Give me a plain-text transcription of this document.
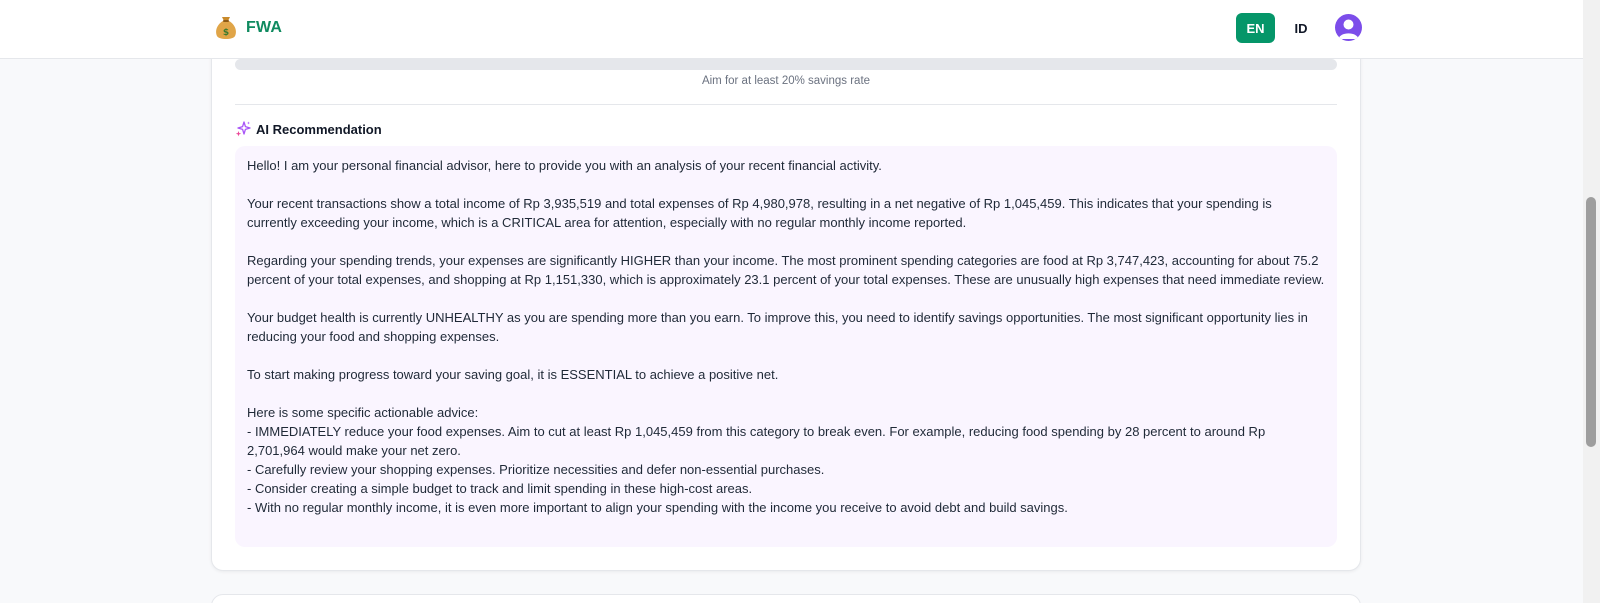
$ FWA	EN	ID
Aim for at least 20% savings rate
AI Recommendation

Hello! I am your personal financial advisor, here to provide you with an analysis of your recent financial activity.

Your recent transactions show a total income of Rp 3,935,519 and total expenses of Rp 4,980,978, resulting in a net negative of Rp 1,045,459. This indicates that your spending is currently exceeding your income, which is a CRITICAL area for attention, especially with no regular monthly income reported.

Regarding your spending trends, your expenses are significantly HIGHER than your income. The most prominent spending categories are food at Rp 3,747,423, accounting for about 75.2 percent of your total expenses, and shopping at Rp 1,151,330, which is approximately 23.1 percent of your total expenses. These are unusually high expenses that need immediate review.

Your budget health is currently UNHEALTHY as you are spending more than you earn. To improve this, you need to identify savings opportunities. The most significant opportunity lies in reducing your food and shopping expenses.

To start making progress toward your saving goal, it is ESSENTIAL to achieve a positive net.

Here is some specific actionable advice:

- IMMEDIATELY reduce your food expenses. Aim to cut at least Rp 1,045,459 from this category to break even. For example, reducing food spending by 28 percent to around Rp 2,701,964 would make your net zero.

- Carefully review your shopping expenses. Prioritize necessities and defer non-essential purchases.

- Consider creating a simple budget to track and limit spending in these high-cost areas.

- With no regular monthly income, it is even more important to align your spending with the income you receive to avoid debt and build savings.
